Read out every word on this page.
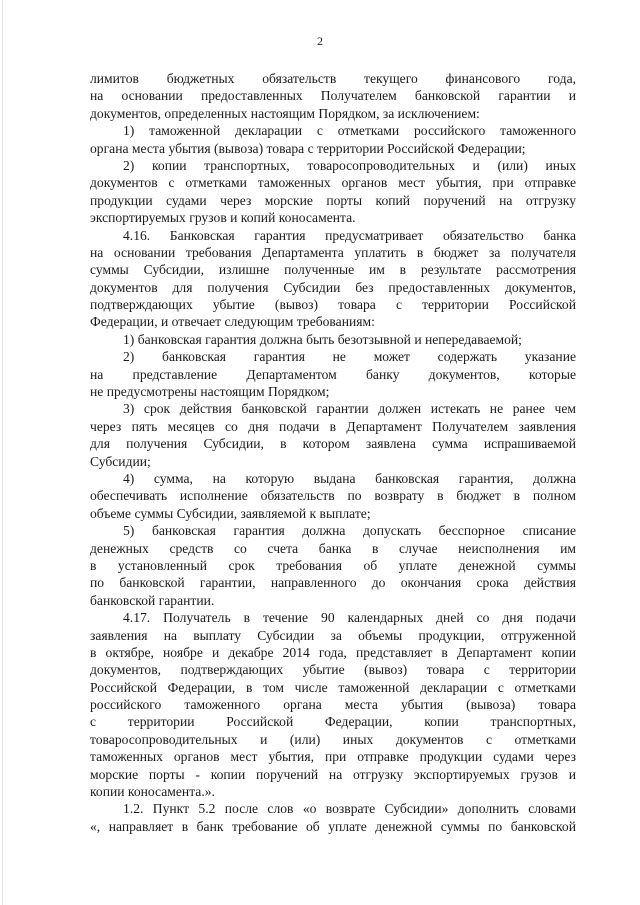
2
лимитов бюджетных обязательств текущего финансового года,
на основании предоставленных Получателем банковской гарантии и
документов, определенных настоящим Порядком, за исключением:
1) таможенной декларации с отметками российского таможенного
органа места убытия (вывоза) товара с территории Российской Федерации;
2) копии транспортных, товаросопроводительных и (или) иных
документов с отметками таможенных органов мест убытия, при отправке
продукции судами через морские порты копий поручений на отгрузку
экспортируемых грузов и копий коносамента.
4.16. Банковская гарантия предусматривает обязательство банка
на основании требования Департамента уплатить в бюджет за получателя
суммы Субсидии, излишне полученные им в результате рассмотрения
документов для получения Субсидии без предоставленных документов,
подтверждающих убытие (вывоз) товара с территории Российской
Федерации, и отвечает следующим требованиям:
1) банковская гарантия должна быть безотзывной и непередаваемой;
2) банковская гарантия не может содержать указание
на представление Департаментом банку документов, которые
не предусмотрены настоящим Порядком;
3) срок действия банковской гарантии должен истекать не ранее чем
через пять месяцев со дня подачи в Департамент Получателем заявления
для получения Субсидии, в котором заявлена сумма испрашиваемой
Субсидии;
4) сумма, на которую выдана банковская гарантия, должна
обеспечивать исполнение обязательств по возврату в бюджет в полном
объеме суммы Субсидии, заявляемой к выплате;
5) банковская гарантия должна допускать бесспорное списание
денежных средств со счета банка в случае неисполнения им
в установленный срок требования об уплате денежной суммы
по банковской гарантии, направленного до окончания срока действия
банковской гарантии.
4.17. Получатель в течение 90 календарных дней со дня подачи
заявления на выплату Субсидии за объемы продукции, отгруженной
в октябре, ноябре и декабре 2014 года, представляет в Департамент копии
документов, подтверждающих убытие (вывоз) товара с территории
Российской Федерации, в том числе таможенной декларации с отметками
российского таможенного органа места убытия (вывоза) товара
с территории Российской Федерации, копии транспортных,
товаросопроводительных и (или) иных документов с отметками
таможенных органов мест убытия, при отправке продукции судами через
морские порты - копии поручений на отгрузку экспортируемых грузов и
копии коносамента.».
1.2. Пункт 5.2 после слов «о возврате Субсидии» дополнить словами
«, направляет в банк требование об уплате денежной суммы по банковской
